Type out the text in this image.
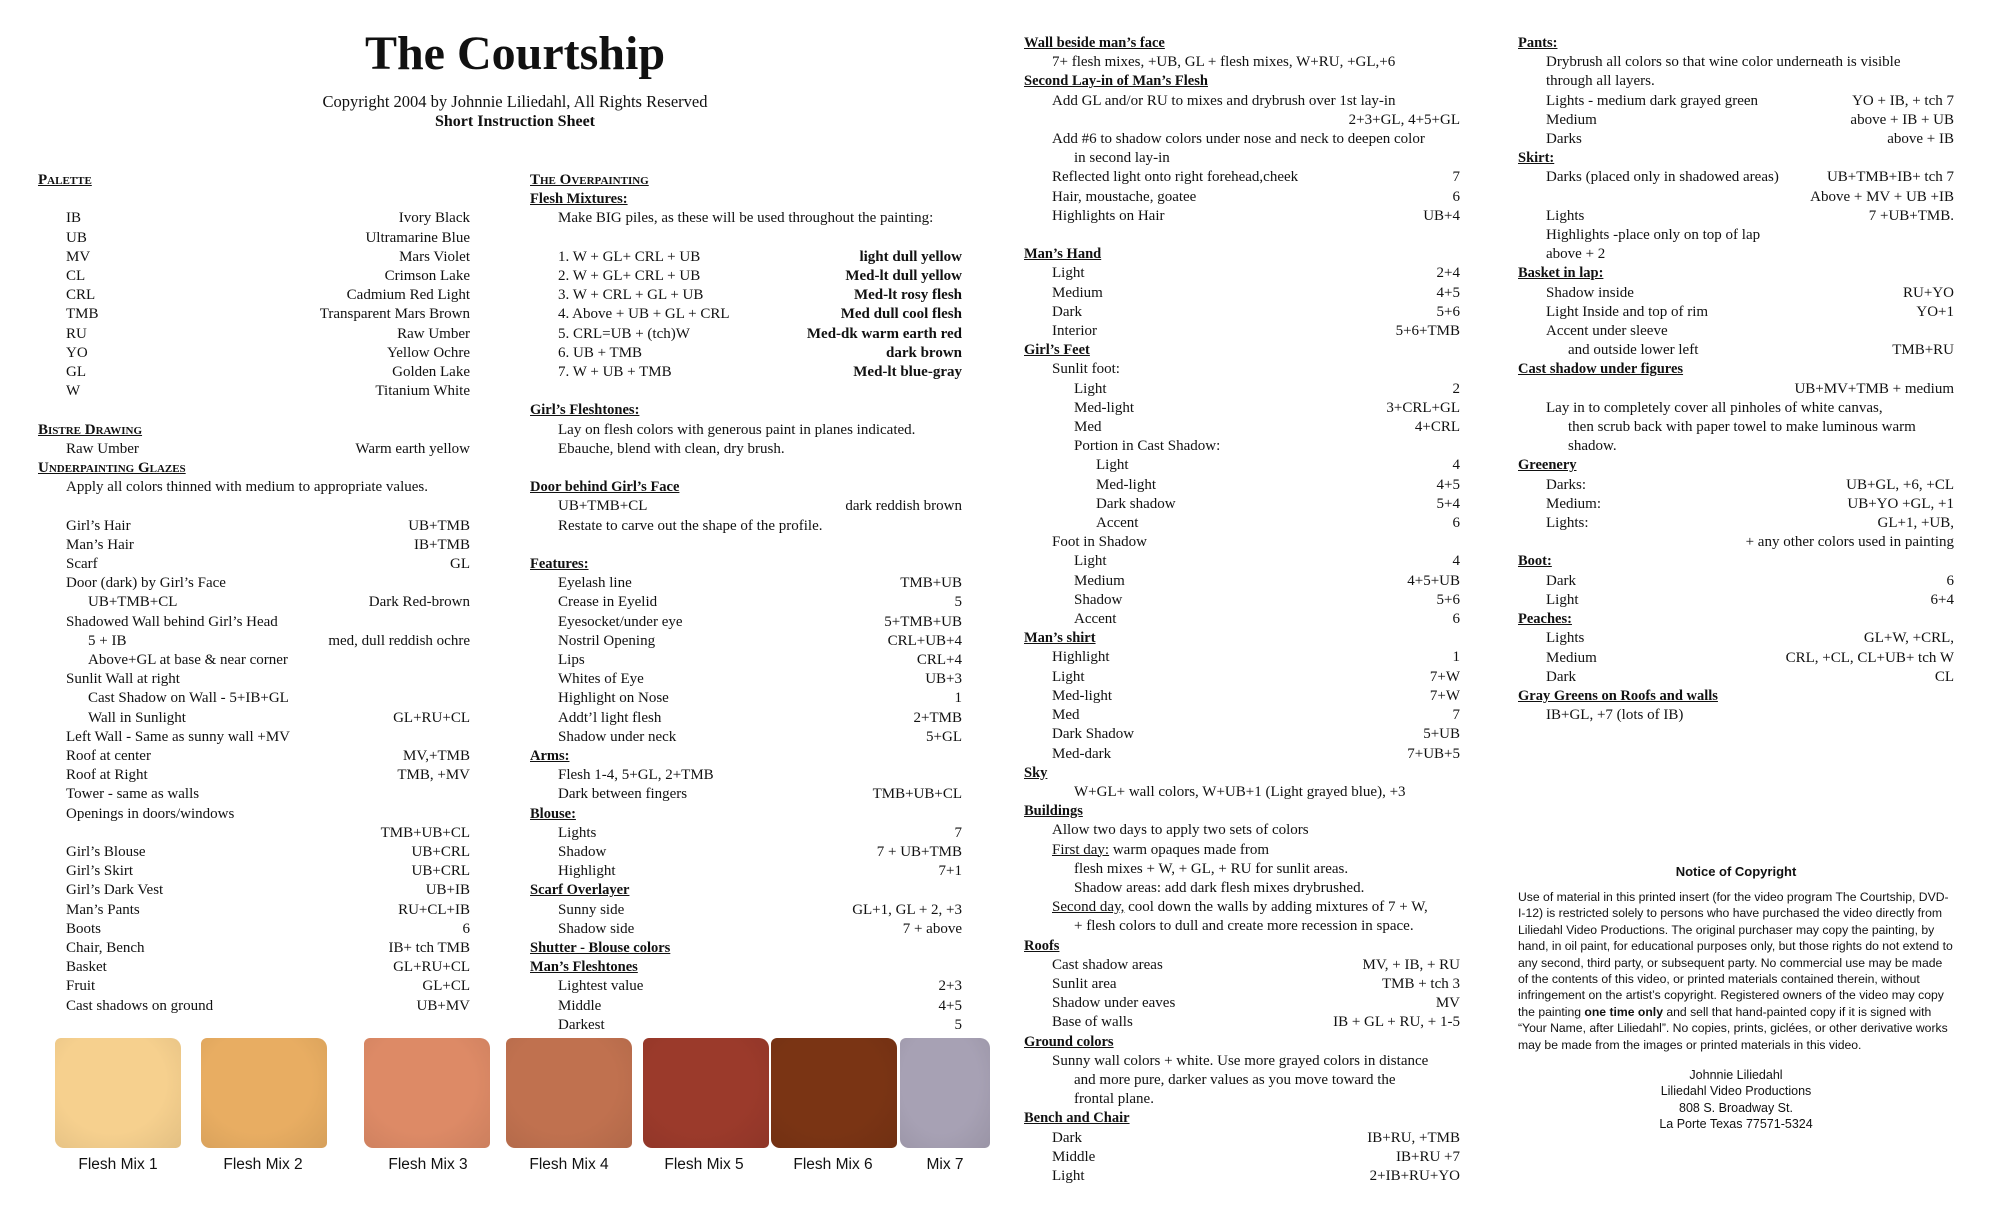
The Courtship
Copyright 2004 by Johnnie Liliedahl, All Rights Reserved
Short Instruction Sheet
Palette
IB	Ivory Black
UB	Ultramarine Blue
MV	Mars Violet
CL	Crimson Lake
CRL	Cadmium Red Light
TMB	Transparent Mars Brown
RU	Raw Umber
YO	Yellow Ochre
GL	Golden Lake
W	Titanium White
Bistre Drawing
Raw Umber	Warm earth yellow
Underpainting Glazes
Apply all colors thinned with medium to appropriate values.
Girl’s Hair	UB+TMB
Man’s Hair	IB+TMB
Scarf	GL
Door (dark) by Girl’s Face
UB+TMB+CL	Dark Red-brown
Shadowed Wall behind Girl’s Head
5 + IB	med, dull reddish ochre
Above+GL at base & near corner
Sunlit Wall at right
Cast Shadow on Wall - 5+IB+GL
Wall in Sunlight	GL+RU+CL
Left Wall - Same as sunny wall +MV
Roof at center	MV,+TMB
Roof at Right	TMB, +MV
Tower - same as walls
Openings in doors/windows
TMB+UB+CL
Girl’s Blouse	UB+CRL
Girl’s Skirt	UB+CRL
Girl’s Dark Vest	UB+IB
Man’s Pants	RU+CL+IB
Boots	6
Chair, Bench	IB+ tch TMB
Basket	GL+RU+CL
Fruit	GL+CL
Cast shadows on ground	UB+MV
The Overpainting
Flesh Mixtures:
Make BIG piles, as these will be used throughout the painting:
1. W + GL+ CRL + UB	light dull yellow
2. W + GL+ CRL + UB	Med-lt dull yellow
3. W + CRL + GL + UB	Med-lt rosy flesh
4. Above + UB + GL + CRL	Med dull cool flesh
5. CRL=UB + (tch)W	Med-dk warm earth red
6. UB + TMB	dark brown
7. W + UB + TMB	Med-lt blue-gray
Girl’s Fleshtones:
Lay on flesh colors with generous paint in planes indicated.
Ebauche, blend with clean, dry brush.
Door behind Girl’s Face
UB+TMB+CL	dark reddish brown
Restate to carve out the shape of the profile.
Features:
Eyelash line	TMB+UB
Crease in Eyelid	5
Eyesocket/under eye	5+TMB+UB
Nostril Opening	CRL+UB+4
Lips	CRL+4
Whites of Eye	UB+3
Highlight on Nose	1
Addt’l light flesh	2+TMB
Shadow under neck	5+GL
Arms:
Flesh 1-4, 5+GL, 2+TMB
Dark between fingers	TMB+UB+CL
Blouse:
Lights	7
Shadow	7 + UB+TMB
Highlight	7+1
Scarf Overlayer
Sunny side	GL+1, GL + 2, +3
Shadow side	7 + above
Shutter - Blouse colors
Man’s Fleshtones
Lightest value	2+3
Middle	4+5
Darkest	5
Wall beside man’s face
7+ flesh mixes, +UB, GL + flesh mixes, W+RU, +GL,+6
Second Lay-in of Man’s Flesh
Add GL and/or RU to mixes and drybrush over 1st lay-in
2+3+GL, 4+5+GL
Add #6 to shadow colors under nose and neck to deepen color
in second lay-in
Reflected light onto right forehead,cheek	7
Hair, moustache, goatee	6
Highlights on Hair	UB+4
Man’s Hand
Light	2+4
Medium	4+5
Dark	5+6
Interior	5+6+TMB
Girl’s Feet
Sunlit foot:
Light	2
Med-light	3+CRL+GL
Med	4+CRL
Portion in Cast Shadow:
Light	4
Med-light	4+5
Dark shadow	5+4
Accent	6
Foot in Shadow
Light	4
Medium	4+5+UB
Shadow	5+6
Accent	6
Man’s shirt
Highlight	1
Light	7+W
Med-light	7+W
Med	7
Dark Shadow	5+UB
Med-dark	7+UB+5
Sky
W+GL+ wall colors, W+UB+1 (Light grayed blue), +3
Buildings
Allow two days to apply two sets of colors
First day: warm opaques made from
flesh mixes + W, + GL, + RU for sunlit areas.
Shadow areas: add dark flesh mixes drybrushed.
Second day, cool down the walls by adding mixtures of 7 + W,
+ flesh colors to dull and create more recession in space.
Roofs
Cast shadow areas	MV, + IB, + RU
Sunlit area	TMB + tch 3
Shadow under eaves	MV
Base of walls	IB + GL + RU, + 1-5
Ground colors
Sunny wall colors + white. Use more grayed colors in distance
and more pure, darker values as you move toward the
frontal plane.
Bench and Chair
Dark	IB+RU, +TMB
Middle	IB+RU +7
Light	2+IB+RU+YO
Pants:
Drybrush all colors so that wine color underneath is visible
through all layers.
Lights - medium dark grayed green	YO + IB, + tch 7
Medium	above + IB + UB
Darks	above + IB
Skirt:
Darks (placed only in shadowed areas)	UB+TMB+IB+ tch 7
Above + MV + UB +IB
Lights	7 +UB+TMB.
Highlights -place only on top of lap
above + 2
Basket in lap:
Shadow inside	RU+YO
Light Inside and top of rim	YO+1
Accent under sleeve
and outside lower left	TMB+RU
Cast shadow under figures
UB+MV+TMB + medium
Lay in to completely cover all pinholes of white canvas,
then scrub back with paper towel to make luminous warm
shadow.
Greenery
Darks:	UB+GL, +6, +CL
Medium:	UB+YO +GL, +1
Lights:	GL+1, +UB,
+ any other colors used in painting
Boot:
Dark	6
Light	6+4
Peaches:
Lights	GL+W, +CRL,
Medium	CRL, +CL, CL+UB+ tch W
Dark	CL
Gray Greens on Roofs and walls
IB+GL, +7 (lots of IB)
Notice of Copyright
Use of material in this printed insert (for the video program The Courtship, DVD-I-12) is restricted solely to persons who have purchased the video directly from Liliedahl Video Productions. The original purchaser may copy the painting, by hand, in oil paint, for educational purposes only, but those rights do not extend to any second, third party, or subsequent party. No commercial use may be made of the contents of this video, or printed materials contained therein, without infringement on the artist’s copyright. Registered owners of the video may copy the painting one time only and sell that hand-painted copy if it is signed with “Your Name, after Liliedahl”. No copies, prints, giclées, or other derivative works may be made from the images or printed materials in this video.
Johnnie Liliedahl
Liliedahl Video Productions
808 S. Broadway St.
La Porte Texas 77571-5324
Flesh Mix 1	Flesh Mix 2	Flesh Mix 3	Flesh Mix 4	Flesh Mix 5	Flesh Mix 6	Mix 7
